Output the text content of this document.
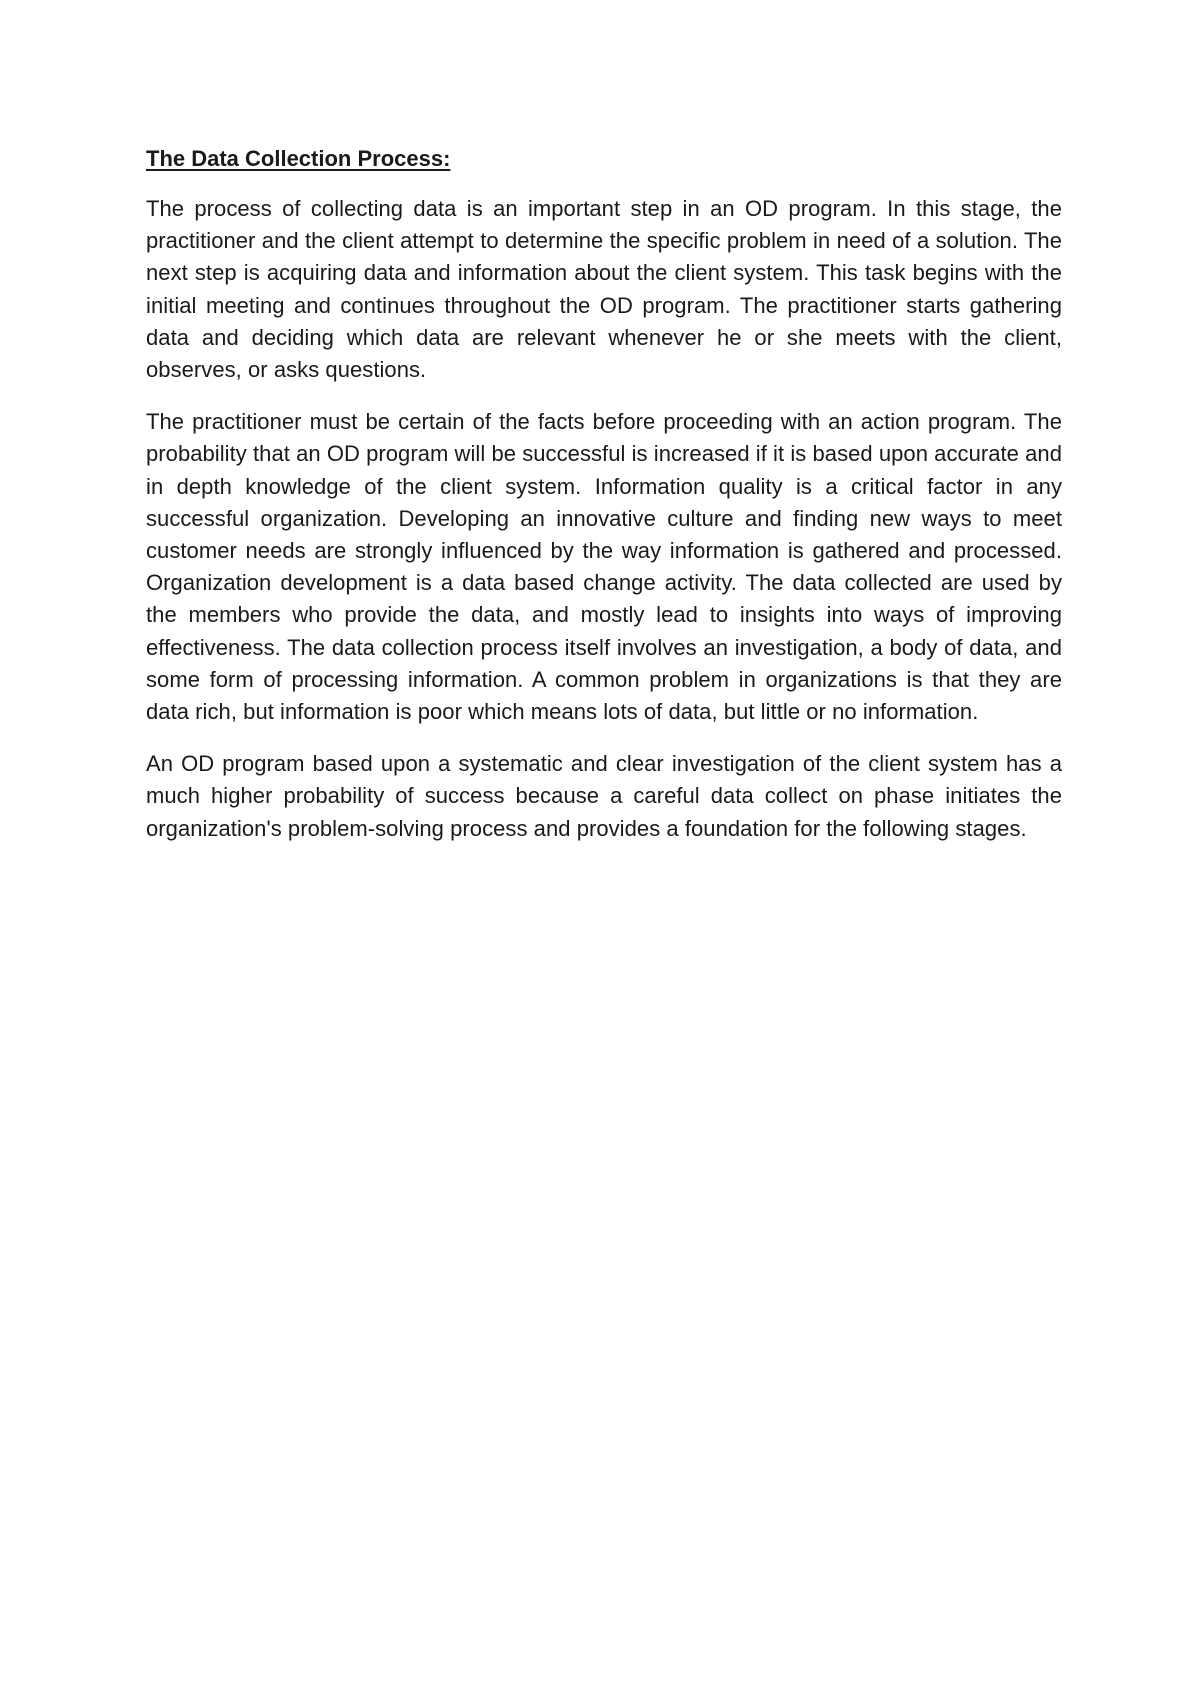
The Data Collection Process:

The process of collecting data is an important step in an OD program. In this stage, the practitioner and the client attempt to determine the specific problem in need of a solution. The next step is acquiring data and information about the client system. This task begins with the initial meeting and continues throughout the OD program. The practitioner starts gathering data and deciding which data are relevant whenever he or she meets with the client, observes, or asks questions.

The practitioner must be certain of the facts before proceeding with an action program. The probability that an OD program will be successful is increased if it is based upon accurate and in depth knowledge of the client system. Information quality is a critical factor in any successful organization. Developing an innovative culture and finding new ways to meet customer needs are strongly influenced by the way information is gathered and processed. Organization development is a data based change activity. The data collected are used by the members who provide the data, and mostly lead to insights into ways of improving effectiveness. The data collection process itself involves an investigation, a body of data, and some form of processing information. A common problem in organizations is that they are data rich, but information is poor which means lots of data, but little or no information.

An OD program based upon a systematic and clear investigation of the client system has a much higher probability of success because a careful data collect on phase initiates the organization's problem-solving process and provides a foundation for the following stages.
